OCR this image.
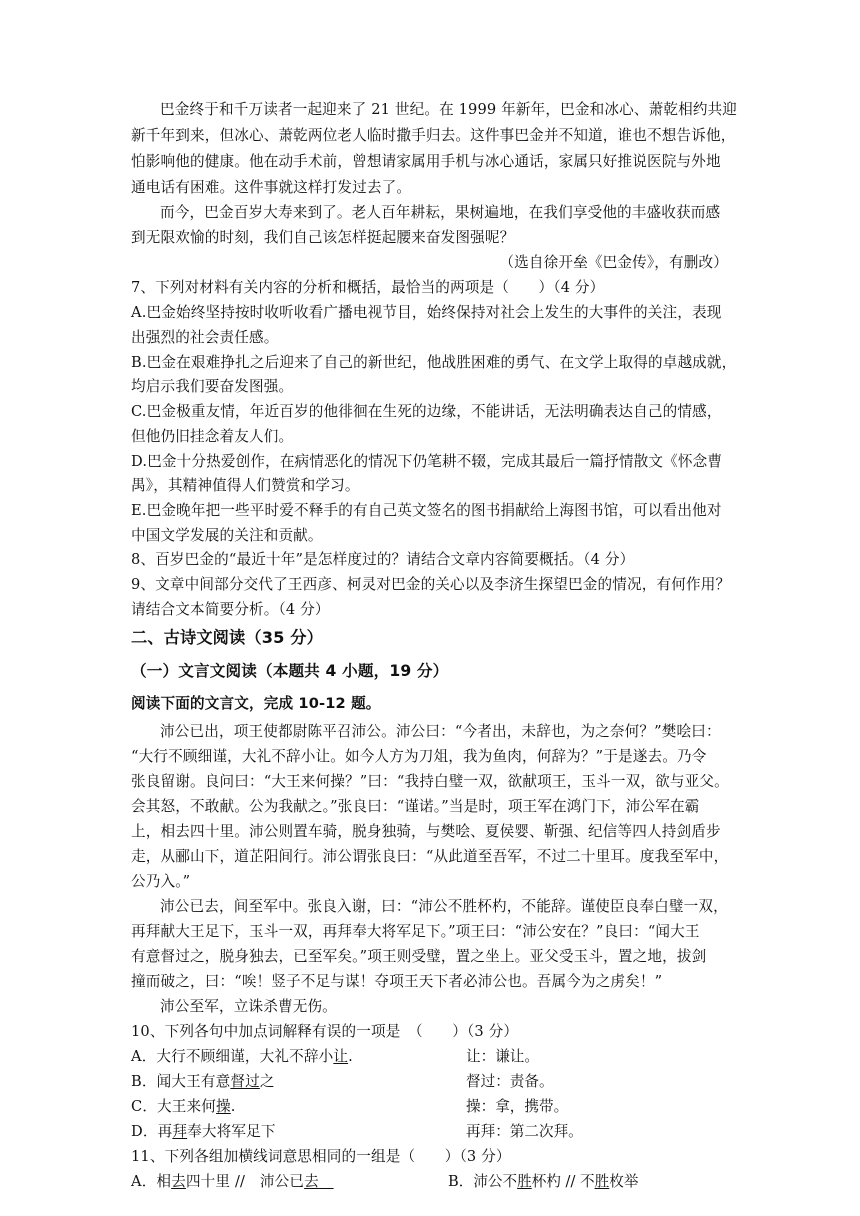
巴金终于和千万读者一起迎来了 21 世纪。在 1999 年新年，巴金和冰心、萧乾相约共迎
新千年到来，但冰心、萧乾两位老人临时撒手归去。这件事巴金并不知道，谁也不想告诉他，
怕影响他的健康。他在动手术前，曾想请家属用手机与冰心通话，家属只好推说医院与外地
通电话有困难。这件事就这样打发过去了。
而今，巴金百岁大寿来到了。老人百年耕耘，果树遍地，在我们享受他的丰盛收获而感
到无限欢愉的时刻，我们自己该怎样挺起腰来奋发图强呢？
（选自徐开垒《巴金传》，有删改）
7、下列对材料有关内容的分析和概括，最恰当的两项是（　　）（4 分）
A.巴金始终坚持按时收听收看广播电视节目，始终保持对社会上发生的大事件的关注，表现
出强烈的社会责任感。
B.巴金在艰难挣扎之后迎来了自己的新世纪，他战胜困难的勇气、在文学上取得的卓越成就，
均启示我们要奋发图强。
C.巴金极重友情，年近百岁的他徘徊在生死的边缘，不能讲话，无法明确表达自己的情感，
但他仍旧挂念着友人们。
D.巴金十分热爱创作，在病情恶化的情况下仍笔耕不辍，完成其最后一篇抒情散文《怀念曹
禺》，其精神值得人们赞赏和学习。
E.巴金晚年把一些平时爱不释手的有自己英文签名的图书捐献给上海图书馆，可以看出他对
中国文学发展的关注和贡献。
8、百岁巴金的“最近十年”是怎样度过的？请结合文章内容简要概括。（4 分）
9、文章中间部分交代了王西彦、柯灵对巴金的关心以及李济生探望巴金的情况，有何作用？
请结合文本简要分析。（4 分）
二、古诗文阅读（35 分）
（一）文言文阅读（本题共 4 小题，19 分）
阅读下面的文言文，完成 10-12 题。
沛公已出，项王使都尉陈平召沛公。沛公曰：“今者出，未辞也，为之奈何？”樊哙曰：
“大行不顾细谨，大礼不辞小让。如今人方为刀俎，我为鱼肉，何辞为？”于是遂去。乃令
张良留谢。良问曰：“大王来何操？”曰：“我持白璧一双，欲献项王，玉斗一双，欲与亚父。
会其怒，不敢献。公为我献之。”张良曰：“谨诺。”当是时，项王军在鸿门下，沛公军在霸
上，相去四十里。沛公则置车骑，脱身独骑，与樊哙、夏侯婴、靳强、纪信等四人持剑盾步
走，从郦山下，道芷阳间行。沛公谓张良曰：“从此道至吾军，不过二十里耳。度我至军中，
公乃入。”
沛公已去，间至军中。张良入谢，曰：“沛公不胜杯杓，不能辞。谨使臣良奉白璧一双，
再拜献大王足下，玉斗一双，再拜奉大将军足下。”项王曰：“沛公安在？”良曰：“闻大王
有意督过之，脱身独去，已至军矣。”项王则受璧，置之坐上。亚父受玉斗，置之地，拔剑
撞而破之，曰：“唉！竖子不足与谋！夺项王天下者必沛公也。吾属今为之虏矣！”
沛公至军，立诛杀曹无伤。
10、下列各句中加点词解释有误的一项是　（　　）（3 分）
A．大行不顾细谨，大礼不辞小让.	让：谦让。
B．闻大王有意督过之	督过：责备。
C．大王来何操.	操：拿，携带。
D．再拜奉大将军足下	再拜：第二次拜。
11、下列各组加横线词意思相同的一组是（　　）（3 分）
A．相去四十里 //　沛公已去　	B．沛公不胜杯杓 // 不胜枚举
